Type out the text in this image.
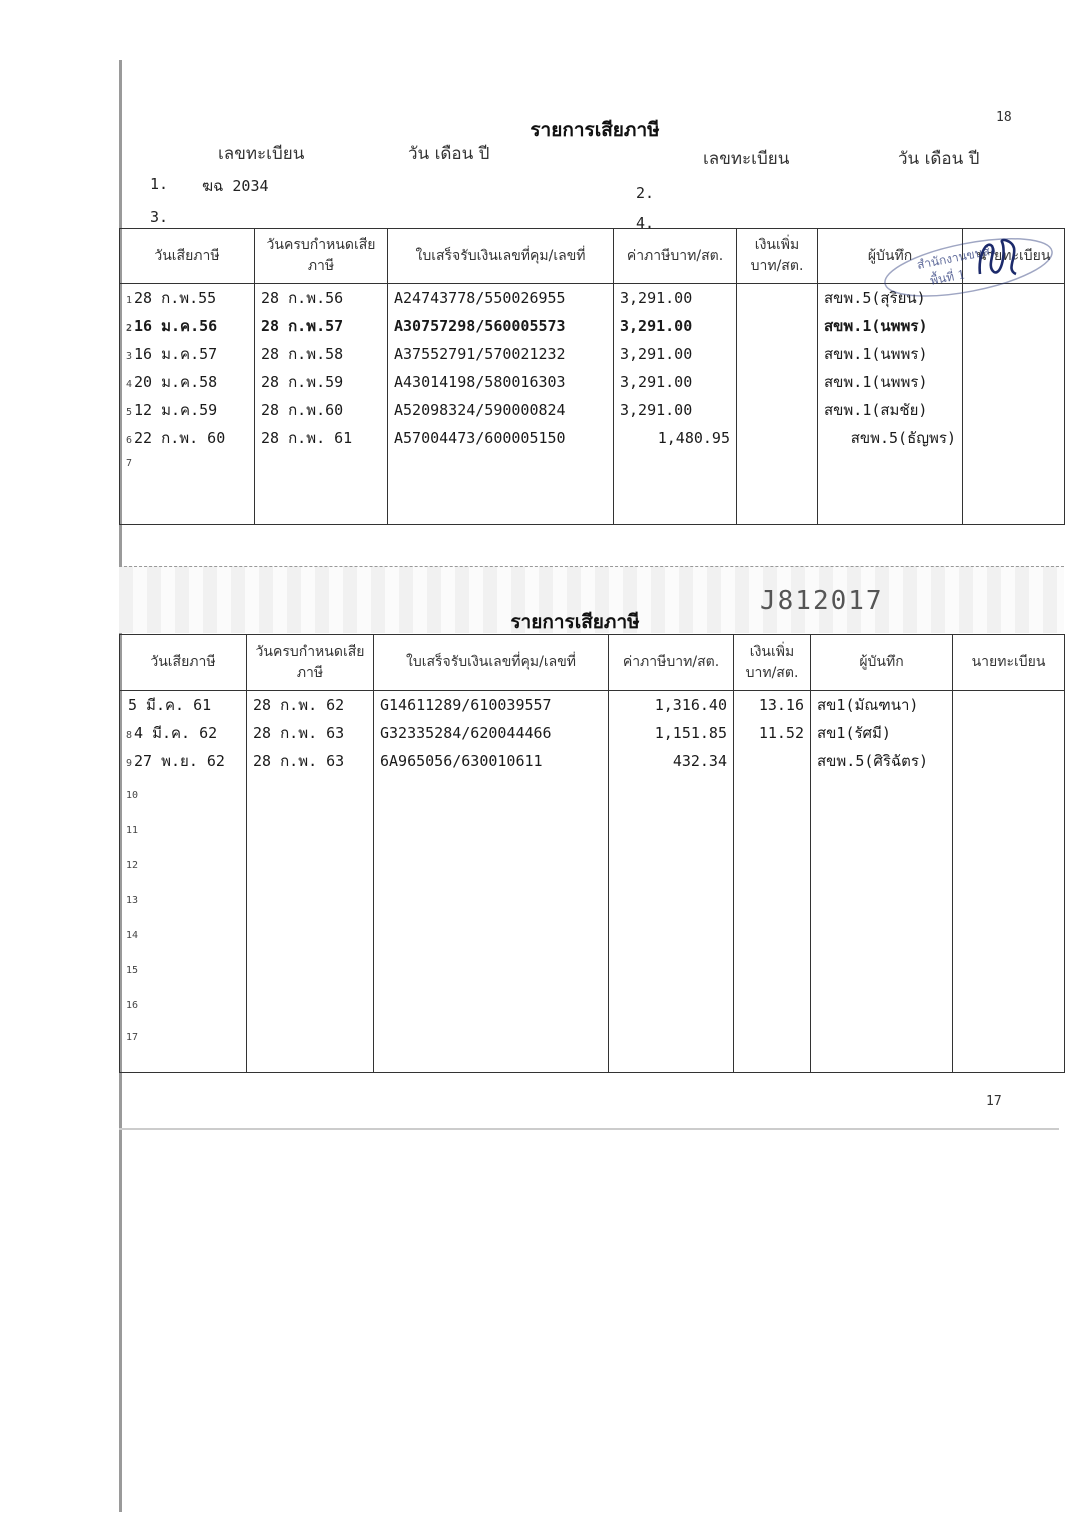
18
รายการเสียภาษี
เลขทะเบียน	วัน เดือน ปี	เลขทะเบียน	วัน เดือน ปี
1. ฆฉ 2034	2.
3.	4.
วันเสียภาษี	วันครบกำหนดเสียภาษี	ใบเสร็จรับเงินเลขที่คุม/เลขที่	ค่าภาษีบาท/สต.	เงินเพิ่มบาท/สต.	ผู้บันทึก	นายทะเบียน
1 28 ก.พ.55	28 ก.พ.56	A24743778/550026955	3,291.00		สขพ.5(สุริยน)	
2 16 ม.ค.56	28 ก.พ.57	A30757298/560005573	3,291.00		สขพ.1(นพพร)	
3 16 ม.ค.57	28 ก.พ.58	A37552791/570021232	3,291.00		สขพ.1(นพพร)	
4 20 ม.ค.58	28 ก.พ.59	A43014198/580016303	3,291.00		สขพ.1(นพพร)	
5 12 ม.ค.59	28 ก.พ.60	A52098324/590000824	3,291.00		สขพ.1(สมชัย)	
6 22 ก.พ. 60	28 ก.พ. 61	A57004473/600005150	1,480.95		สขพ.5(ธัญพร)	
7						
สำนักงานขนส่ง
พื้นที่ 1
J812017
รายการเสียภาษี
วันเสียภาษี	วันครบกำหนดเสียภาษี	ใบเสร็จรับเงินเลขที่คุม/เลขที่	ค่าภาษีบาท/สต.	เงินเพิ่มบาท/สต.	ผู้บันทึก	นายทะเบียน
5 มี.ค. 61	28 ก.พ. 62	G14611289/610039557	1,316.40	13.16	สข1(มัณฑนา)	
8 4 มี.ค. 62	28 ก.พ. 63	G32335284/620044466	1,151.85	11.52	สข1(รัศมี)	
9 27 พ.ย. 62	28 ก.พ. 63	6A965056/630010611	432.34		สขพ.5(ศิริฉัตร)	
10						
11						
12						
13						
14						
15						
16						
17						
17
